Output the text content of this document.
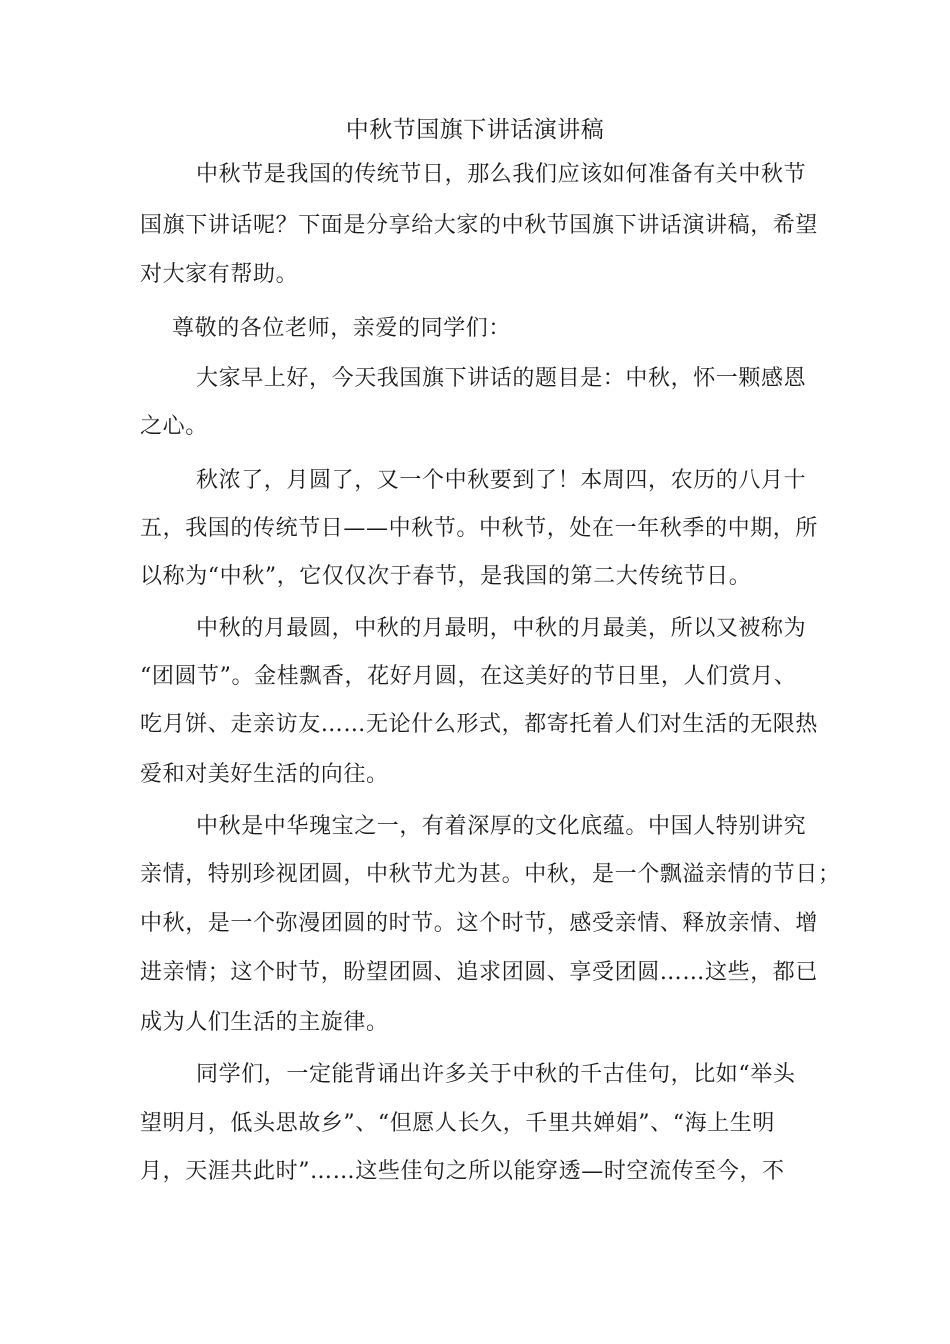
中秋节国旗下讲话演讲稿
中秋节是我国的传统节日，那么我们应该如何准备有关中秋节
国旗下讲话呢？下面是分享给大家的中秋节国旗下讲话演讲稿，希望
对大家有帮助。
尊敬的各位老师，亲爱的同学们：
大家早上好，今天我国旗下讲话的题目是：中秋，怀一颗感恩
之心。
秋浓了，月圆了，又一个中秋要到了！本周四，农历的八月十
五，我国的传统节日——中秋节。中秋节，处在一年秋季的中期，所
以称为“中秋”，它仅仅次于春节，是我国的第二大传统节日。
中秋的月最圆，中秋的月最明，中秋的月最美，所以又被称为
“团圆节”。金桂飘香，花好月圆，在这美好的节日里，人们赏月、
吃月饼、走亲访友……无论什么形式，都寄托着人们对生活的无限热
爱和对美好生活的向往。
中秋是中华瑰宝之一，有着深厚的文化底蕴。中国人特别讲究
亲情，特别珍视团圆，中秋节尤为甚。中秋，是一个飘溢亲情的节日；
中秋，是一个弥漫团圆的时节。这个时节，感受亲情、释放亲情、增
进亲情；这个时节，盼望团圆、追求团圆、享受团圆……这些，都已
成为人们生活的主旋律。
同学们，一定能背诵出许多关于中秋的千古佳句，比如“举头
望明月，低头思故乡”、“但愿人长久，千里共婵娟”、“海上生明
月，天涯共此时”……这些佳句之所以能穿透—时空流传至今，不
